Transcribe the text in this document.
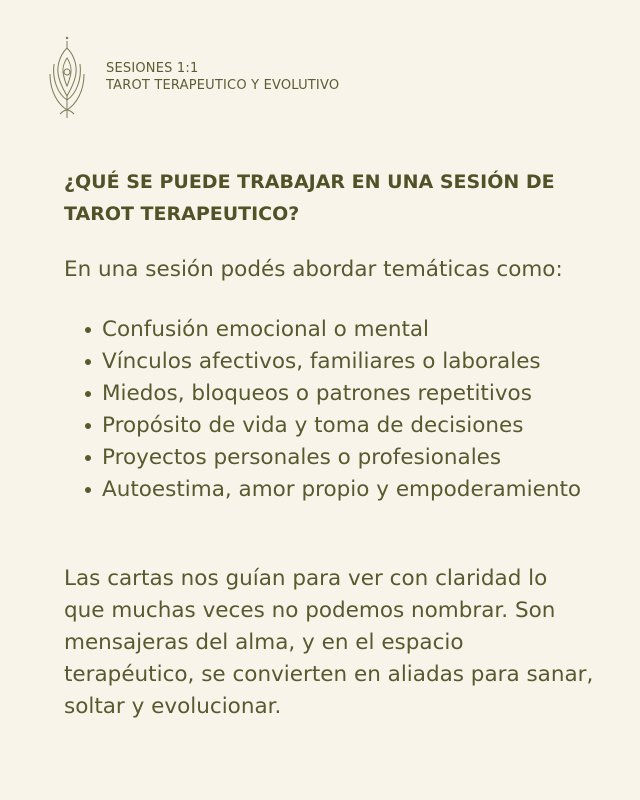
SESIONES 1:1
TAROT TERAPEUTICO Y EVOLUTIVO
¿QUÉ SE PUEDE TRABAJAR EN UNA SESIÓN DE TAROT TERAPEUTICO?

En una sesión podés abordar temáticas como:

Confusión emocional o mental
Vínculos afectivos, familiares o laborales
Miedos, bloqueos o patrones repetitivos
Propósito de vida y toma de decisiones
Proyectos personales o profesionales
Autoestima, amor propio y empoderamiento

Las cartas nos guían para ver con claridad lo que muchas veces no podemos nombrar. Son mensajeras del alma, y en el espacio terapéutico, se convierten en aliadas para sanar, soltar y evolucionar.
